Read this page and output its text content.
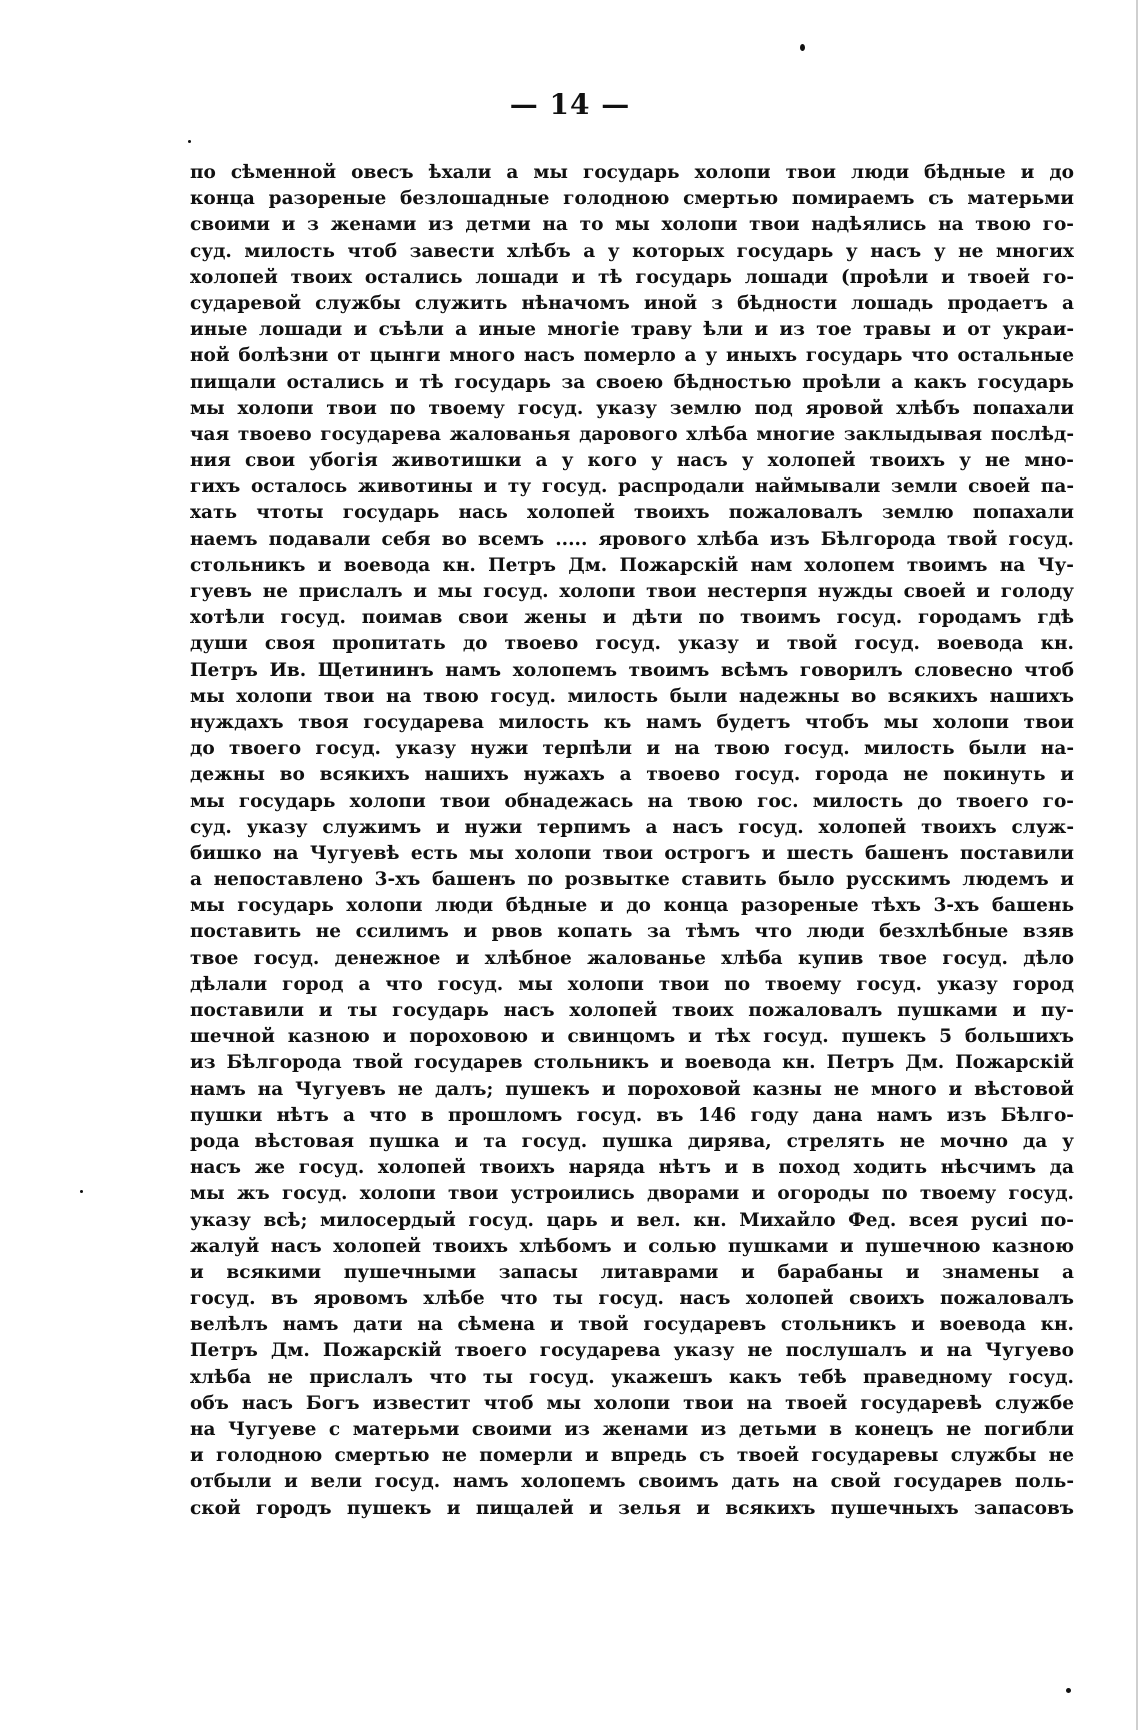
— 14 —
по сѣменной овесъ ѣхали а мы государь холопи твои люди бѣдные и до
конца разореные безлошадные голодною смертью помираемъ съ матерьми
своими и з женами из детми на то мы холопи твои надѣялись на твою го-
суд. милость чтоб завести хлѣбъ а у которых государь у насъ у не многих
холопей твоих остались лошади и тѣ государь лошади (проѣли и твоей го-
сударевой службы служить нѣначомъ иной з бѣдности лошадь продаетъ а
иные лошади и съѣли а иные многіе траву ѣли и из тое травы и от украи-
ной болѣзни от цынги много насъ померло а у иныхъ государь что остальные
пищали остались и тѣ государь за своею бѣдностью проѣли а какъ государь
мы холопи твои по твоему госуд. указу землю под яровой хлѣбъ попахали
чая твоево государева жалованья дарового хлѣба многие заклыдывая послѣд-
ния свои убогія животишки а у кого у насъ у холопей твоихъ у не мно-
гихъ осталось животины и ту госуд. распродали наймывали земли своей па-
хать чтоты государь нась холопей твоихъ пожаловалъ землю попахали
наемъ подавали себя во всемъ ..... ярового хлѣба изъ Бѣлгорода твой госуд.
стольникъ и воевода кн. Петръ Дм. Пожарскій нам холопем твоимъ на Чу-
гуевъ не прислалъ и мы госуд. холопи твои нестерпя нужды своей и голоду
хотѣли госуд. поимав свои жены и дѣти по твоимъ госуд. городамъ гдѣ
души своя пропитать до твоево госуд. указу и твой госуд. воевода кн.
Петръ Ив. Щетининъ намъ холопемъ твоимъ всѣмъ говорилъ словесно чтоб
мы холопи твои на твою госуд. милость были надежны во всякихъ нашихъ
нуждахъ твоя государева милость къ намъ будетъ чтобъ мы холопи твои
до твоего госуд. указу нужи терпѣли и на твою госуд. милость были на-
дежны во всякихъ нашихъ нужахъ а твоево госуд. города не покинуть и
мы государь холопи твои обнадежась на твою гос. милость до твоего го-
суд. указу служимъ и нужи терпимъ а насъ госуд. холопей твоихъ служ-
бишко на Чугуевѣ есть мы холопи твои острогъ и шесть башенъ поставили
а непоставлено 3-хъ башенъ по розвытке ставить было русскимъ людемъ и
мы государь холопи люди бѣдные и до конца разореные тѣхъ 3-хъ башень
поставить не ссилимъ и рвов копать за тѣмъ что люди безхлѣбные взяв
твое госуд. денежное и хлѣбное жалованье хлѣба купив твое госуд. дѣло
дѣлали город а что госуд. мы холопи твои по твоему госуд. указу город
поставили и ты государь насъ холопей твоих пожаловалъ пушками и пу-
шечной казною и пороховою и свинцомъ и тѣх госуд. пушекъ 5 большихъ
из Бѣлгорода твой государев стольникъ и воевода кн. Петръ Дм. Пожарскій
намъ на Чугуевъ не далъ; пушекъ и пороховой казны не много и вѣстовой
пушки нѣтъ а что в прошломъ госуд. въ 146 году дана намъ изъ Бѣлго-
рода вѣстовая пушка и та госуд. пушка дирява, стрелять не мочно да у
насъ же госуд. холопей твоихъ наряда нѣтъ и в поход ходить нѣсчимъ да
мы жъ госуд. холопи твои устроились дворами и огороды по твоему госуд.
указу всѣ; милосердый госуд. царь и вел. кн. Михайло Фед. всея русиі по-
жалуй насъ холопей твоихъ хлѣбомъ и солью пушками и пушечною казною
и всякими пушечными запасы литаврами и барабаны и знамены а
госуд. въ яровомъ хлѣбе что ты госуд. насъ холопей своихъ пожаловалъ
велѣлъ намъ дати на сѣмена и твой государевъ стольникъ и воевода кн.
Петръ Дм. Пожарскій твоего государева указу не послушалъ и на Чугуево
хлѣба не прислалъ что ты госуд. укажешъ какъ тебѣ праведному госуд.
объ насъ Богъ известит чтоб мы холопи твои на твоей государевѣ службе
на Чугуеве с матерьми своими из женами из детьми в конецъ не погибли
и голодною смертью не померли и впредь съ твоей государевы службы не
отбыли и вели госуд. намъ холопемъ своимъ дать на свой государев поль-
ской городъ пушекъ и пищалей и зелья и всякихъ пушечныхъ запасовъ
